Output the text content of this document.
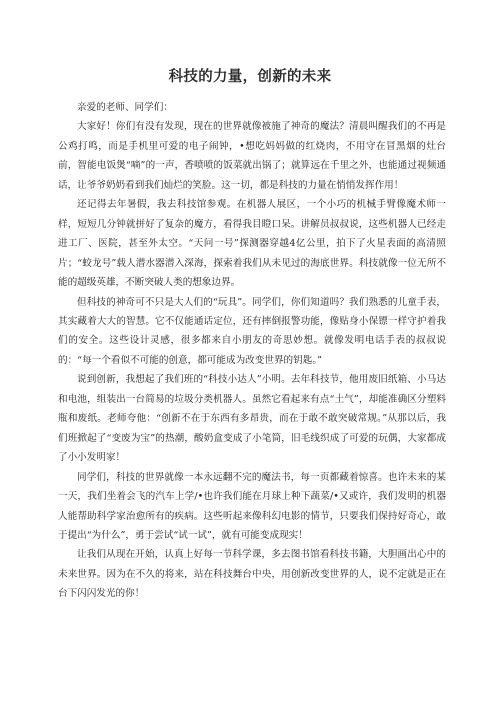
科技的力量，创新的未来

亲爱的老师、同学们：

大家好！你们有没有发现，现在的世界就像被施了神奇的魔法？清晨叫醒我们的不再是公鸡打鸣，而是手机里可爱的电子闹钟，•想吃妈妈做的红烧肉，不用守在冒黑烟的灶台前，智能电饭煲“嘀”的一声，香喷喷的饭菜就出锅了；就算远在千里之外，也能通过视频通话，让爷爷奶奶看到我们灿烂的笑脸。这一切，都是科技的力量在悄悄发挥作用！

还记得去年暑假，我去科技馆参观。在机器人展区，一个小巧的机械手臂像魔术师一样，短短几分钟就拼好了复杂的魔方，看得我目瞪口呆。讲解员叔叔说，这些机器人已经走进工厂、医院，甚至外太空。“天问一号”探测器穿越4亿公里，拍下了火星表面的高清照片；“蛟龙号”载人潜水器潜入深海，探索着我们从未见过的海底世界。科技就像一位无所不能的超级英雄，不断突破人类的想象边界。

但科技的神奇可不只是大人们的“玩具”。同学们，你们知道吗？我们熟悉的儿童手表，其实藏着大大的智慧。它不仅能通话定位，还有摔倒报警功能，像贴身小保镖一样守护着我们的安全。这些设计灵感，很多都来自小朋友的奇思妙想。就像发明电话手表的叔叔说的：“每一个看似不可能的创意，都可能成为改变世界的钥匙。”

说到创新，我想起了我们班的“科技小达人”小明。去年科技节，他用废旧纸箱、小马达和电池，组装出一台简易的垃圾分类机器人。虽然它看起来有点“土气”，却能准确区分塑料瓶和废纸。老师夸他：“创新不在于东西有多昂贵，而在于敢不敢突破常规。”从那以后，我们班掀起了“变废为宝”的热潮，酸奶盒变成了小笔筒，旧毛线织成了可爱的玩偶，大家都成了小小发明家！

同学们，科技的世界就像一本永远翻不完的魔法书，每一页都藏着惊喜。也许未来的某一天，我们坐着会飞的汽车上学/•也许我们能在月球上种下蔬菜/•又或许，我们发明的机器人能帮助科学家治愈所有的疾病。这些听起来像科幻电影的情节，只要我们保持好奇心，敢于提出“为什么”，勇于尝试“试一试”，就有可能变成现实！

让我们从现在开始，认真上好每一节科学课，多去图书馆看科技书籍，大胆画出心中的未来世界。因为在不久的将来，站在科技舞台中央，用创新改变世界的人，说不定就是正在台下闪闪发光的你！
